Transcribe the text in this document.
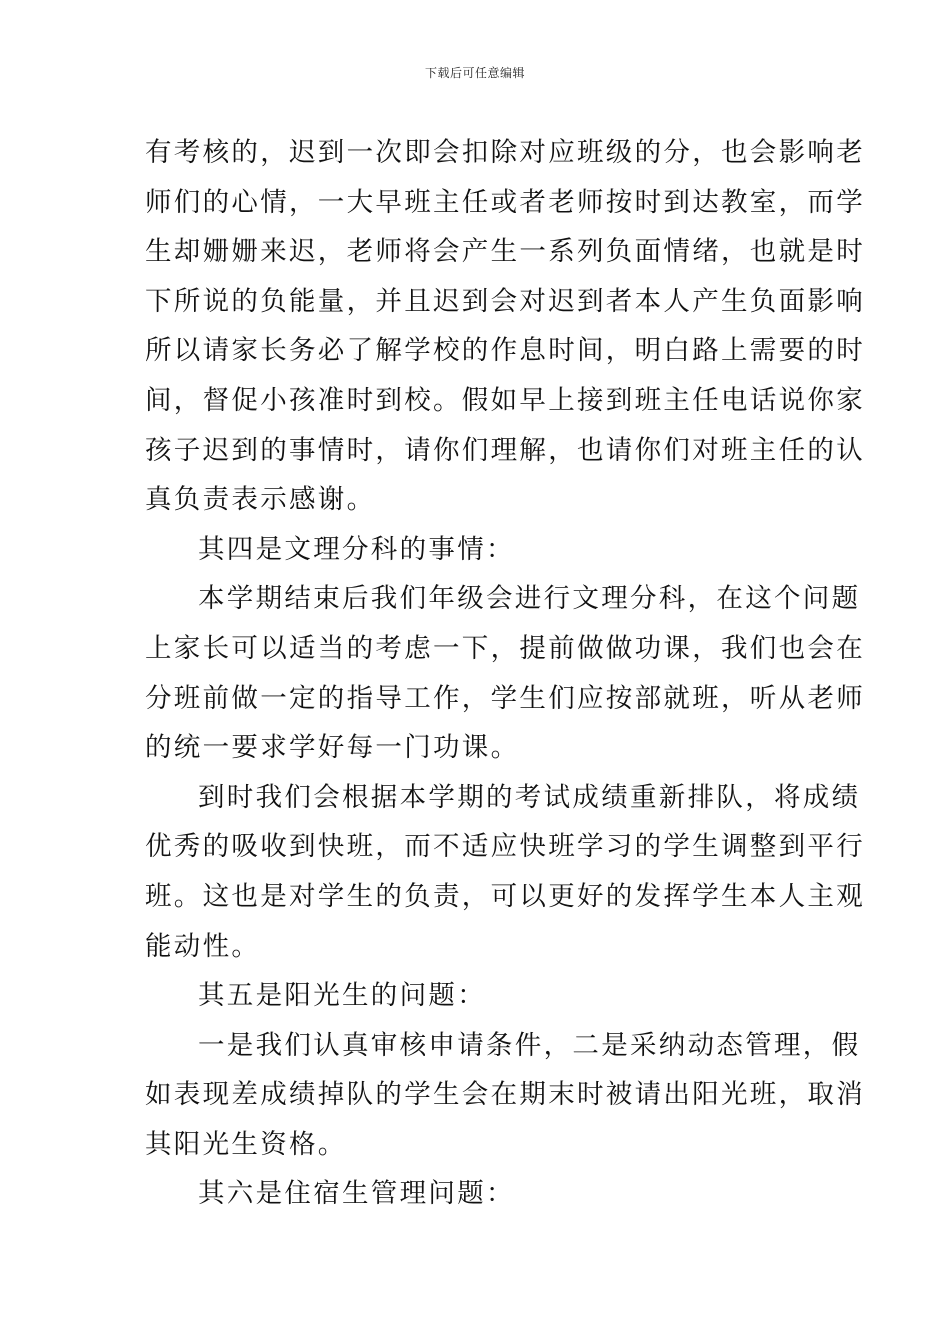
下载后可任意编辑
有考核的，迟到一次即会扣除对应班级的分，也会影响老
师们的心情，一大早班主任或者老师按时到达教室，而学
生却姗姗来迟，老师将会产生一系列负面情绪，也就是时
下所说的负能量，并且迟到会对迟到者本人产生负面影响
所以请家长务必了解学校的作息时间，明白路上需要的时
间，督促小孩准时到校。假如早上接到班主任电话说你家
孩子迟到的事情时，请你们理解，也请你们对班主任的认
真负责表示感谢。
其四是文理分科的事情：
本学期结束后我们年级会进行文理分科，在这个问题
上家长可以适当的考虑一下，提前做做功课，我们也会在
分班前做一定的指导工作，学生们应按部就班，听从老师
的统一要求学好每一门功课。
到时我们会根据本学期的考试成绩重新排队，将成绩
优秀的吸收到快班，而不适应快班学习的学生调整到平行
班。这也是对学生的负责，可以更好的发挥学生本人主观
能动性。
其五是阳光生的问题：
一是我们认真审核申请条件，二是采纳动态管理，假
如表现差成绩掉队的学生会在期末时被请出阳光班，取消
其阳光生资格。
其六是住宿生管理问题：
